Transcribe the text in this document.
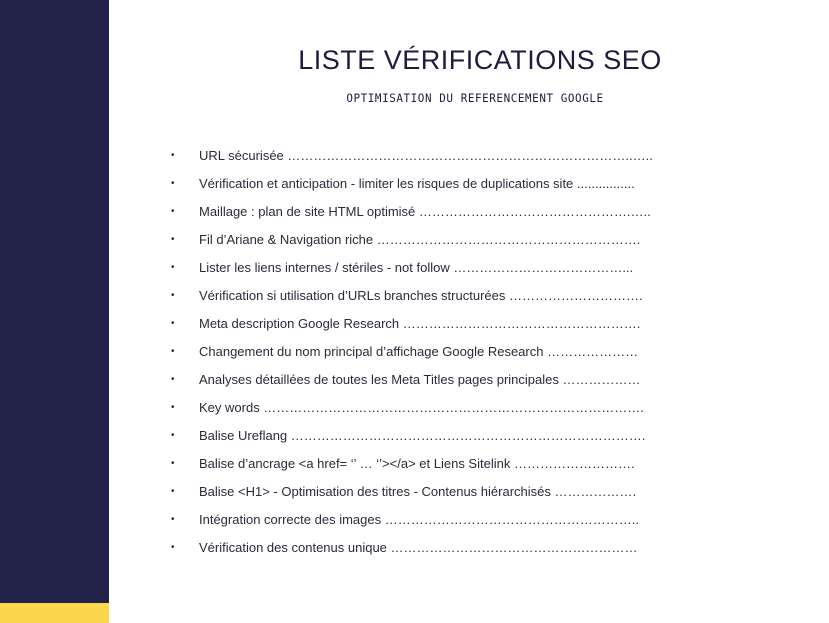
LISTE VÉRIFICATIONS SEO
OPTIMISATION DU REFERENCEMENT GOOGLE
• URL sécurisée ……………………………………………………………………..…..
• Vérification et anticipation - limiter les risques de duplications site ................
• Maillage : plan de site HTML optimisé ………………………………………….…..
• Fil d’Ariane & Navigation riche …………………………………………………….
• Lister les liens internes / stériles - not follow …………………………………...
• Vérification si utilisation d’URLs branches structurées ………………………….
• Meta description Google Research ……………………………………………….
• Changement du nom principal d’affichage Google Research …………………
• Analyses détaillées de toutes les Meta Titles pages principales ………………
• Key words …………………………………………………………………………….
• Balise Ureflang ……………………………………………………………………….
• Balise d’ancrage <a href= ‘’ … ‘’></a> et Liens Sitelink ……………………….
• Balise <H1> - Optimisation des titres - Contenus hiérarchisés ……………….
• Intégration correcte des images …………………………………………………..
• Vérification des contenus unique …………………………………………………
